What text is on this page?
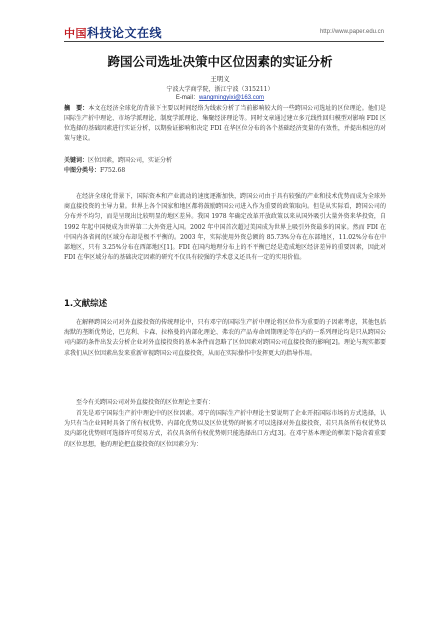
中国 科技论文在线	http://www.paper.edu.cn
跨国公司选址决策中区位因素的实证分析
王明义
宁波大学商学院，浙江宁波（315211）
E-mail：wangmingyixi@163.com
摘　要：本文在经济全球化的背景下主要以时间经络为线索分析了当前影响较大的一些跨国公司选址的区位理论。他们是国际生产折中理论、市场学派理论、制度学派理论、集聚经济理论等。同时文章通过建立多元线性回归模型对影响 FDI 区位选择的基础因素进行实证分析，以期验证影响和决定 FDI 在华区位分布的各个基础经济变量的有效性，并提出相应的对策与建议。
关键词：区位因素，跨国公司，实证分析
中图分类号：F752.68

在经济全球化背景下，国际资本和产业流动的速度逐渐加快，跨国公司由于具有较强的产业和技术优势而成为全球外商直接投资的主导力量。世界上各个国家和地区都将鼓励跨国公司进入作为重要的政策取向。但是从实际看，跨国公司的分布并不均匀，而是呈现出比较明显的地区差异。我国 1978 年确定改革开放政策以来从国外吸引大量外资来华投资，自 1992 年起中国便成为世界第二大外资进入国。2002 年中国首次超过美国成为世界上吸引外资最多的国家。然而 FDI 在中国内各省间的区域分布却是极不平衡的。2003 年，实际使用外资总额的 85.73%分布在东部地区，11.02%分布在中部地区，只有 3.25%分布在西部地区[1]。FDI 在国内地理分布上的不平衡已经是造成地区经济差异的重要因素，因此对 FDI 在华区域分布的基础决定因素的研究不仅具有较强的学术意义还具有一定的实用价值。

1.文献综述

在解释跨国公司对外直接投资的传统理论中，只有邓宁的国际生产折中理论将区位作为重要的子因素考虑，其他包括海默的垄断优势论，巴克利、卡森、拉格曼的内部化理论、弗农的产品寿命周期理论等在内的一系列理论均是只从跨国公司内部的条件出发去分析企业对外直接投资的基本条件而忽略了区位因素对跨国公司直接投资的影响[2]。理论与现实都要求我们从区位因素出发来重新审视跨国公司直接投资，从而在实际操作中发挥更大的指导作用。

至今有关跨国公司对外直接投资的区位理论主要有：

首先是邓宁国际生产折中理论中的区位因素。邓宁的国际生产折中理论主要说明了企业开拓国际市场的方式选择，认为只有当企业同时具备了所有权优势、内部化优势以及区位优势的时候才可以选择对外直接投资，若只具备所有权优势以及内部化优势则可选择许可贸易方式，若仅具备所有权优势则只能选择出口方式[3]。在邓宁基本理论的框架下隐含着重要的区位思想，他的理论把直接投资的区位因素分为：
